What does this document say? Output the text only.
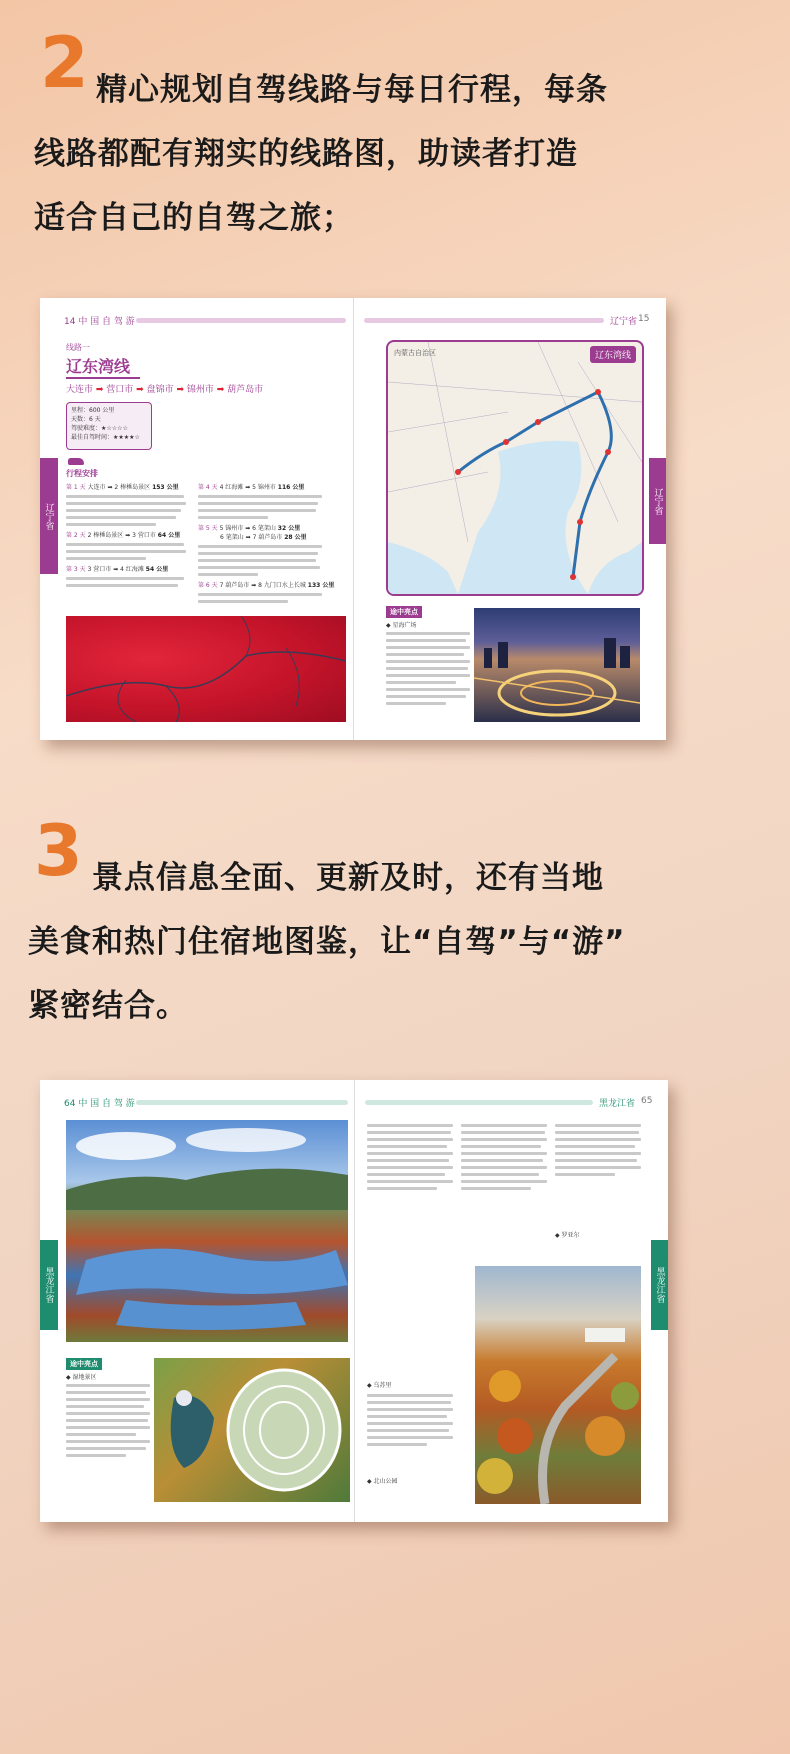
2 精心规划自驾线路与每日行程，每条
线路都配有翔实的线路图，助读者打造
适合自己的自驾之旅；
14 中 国 自 驾 游
线路一
辽东湾线
大连市 ➡ 营口市 ➡ 盘锦市 ➡ 锦州市 ➡ 葫芦岛市
里程：600 公里
天数：6 天
驾驶难度：★☆☆☆☆
最佳自驾时间：★★★★☆
行程安排
第 1 天 大连市 ➡ 2 棒棰岛景区 153 公里
第 2 天 2 棒棰岛景区 ➡ 3 营口市 64 公里
第 3 天 3 营口市 ➡ 4 红海滩 54 公里
第 4 天 4 红海滩 ➡ 5 锦州市 116 公里
第 5 天 5 锦州市 ➡ 6 笔架山 32 公里
6 笔架山 ➡ 7 葫芦岛市 28 公里
第 6 天 7 葫芦岛市 ➡ 8 九门口水上长城 133 公里
辽宁省
辽宁省 15
内蒙古自治区	辽东湾线
辽宁省
途中亮点
◆ 星海广场
3 景点信息全面、更新及时，还有当地
美食和热门住宿地图鉴，让“自驾”与“游”
紧密结合。
64 中 国 自 驾 游
黑龙江省
途中亮点
◆ 湿地景区
黑龙江省 65
◆ 乌苏里
◆ 北山公园
◆ 罗亚尔
黑龙江省
